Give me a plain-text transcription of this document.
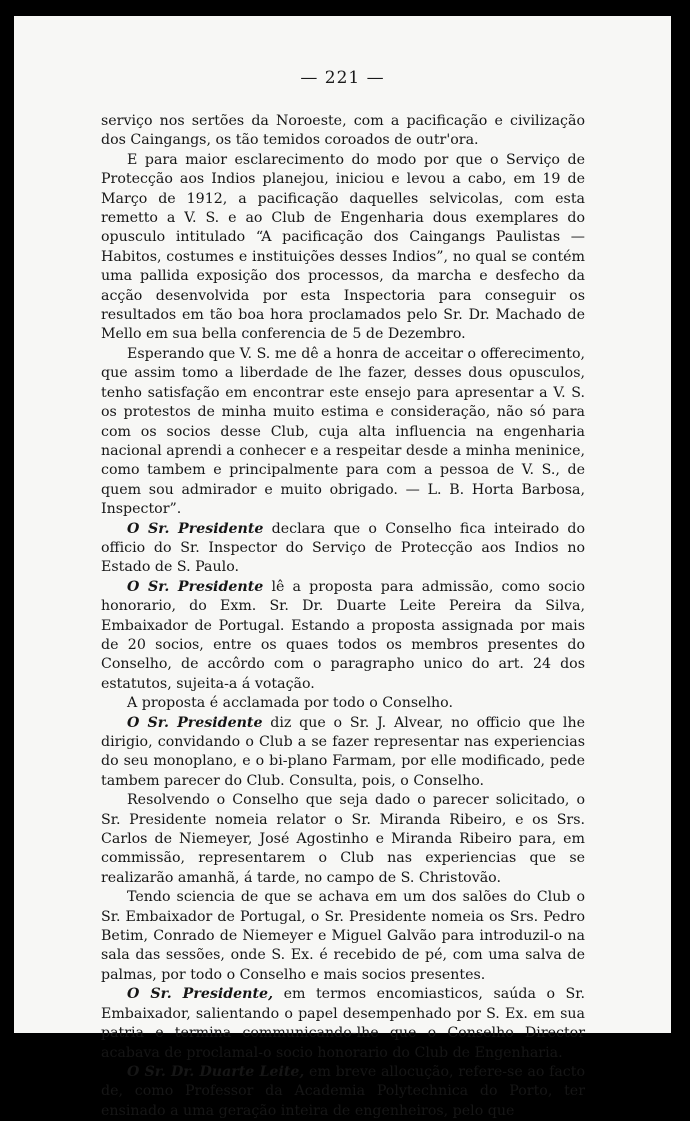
— 221 —

serviço nos sertões da Noroeste, com a pacificação e civilização dos Caingangs, os tão temidos coroados de outr'ora.

E para maior esclarecimento do modo por que o Serviço de Protecção aos Indios planejou, iniciou e levou a cabo, em 19 de Março de 1912, a pacificação daquelles selvicolas, com esta remetto a V. S. e ao Club de Engenharia dous exemplares do opusculo intitulado “A pacificação dos Caingangs Paulistas — Habitos, costumes e instituições desses Indios”, no qual se contém uma pallida exposição dos processos, da marcha e desfecho da acção desenvolvida por esta Inspectoria para conseguir os resultados em tão boa hora proclamados pelo Sr. Dr. Machado de Mello em sua bella conferencia de 5 de Dezembro.

Esperando que V. S. me dê a honra de acceitar o offerecimento, que assim tomo a liberdade de lhe fazer, desses dous opusculos, tenho satisfação em encontrar este ensejo para apresentar a V. S. os protestos de minha muito estima e consideração, não só para com os socios desse Club, cuja alta influencia na engenharia nacional aprendi a conhecer e a respeitar desde a minha meninice, como tambem e principalmente para com a pessoa de V. S., de quem sou admirador e muito obrigado. — L. B. Horta Barbosa, Inspector”.

O Sr. Presidente declara que o Conselho fica inteirado do officio do Sr. Inspector do Serviço de Protecção aos Indios no Estado de S. Paulo.

O Sr. Presidente lê a proposta para admissão, como socio honorario, do Exm. Sr. Dr. Duarte Leite Pereira da Silva, Embaixador de Portugal. Estando a proposta assignada por mais de 20 socios, entre os quaes todos os membros presentes do Conselho, de accôrdo com o paragrapho unico do art. 24 dos estatutos, sujeita-a á votação.

A proposta é acclamada por todo o Conselho.

O Sr. Presidente diz que o Sr. J. Alvear, no officio que lhe dirigio, convidando o Club a se fazer representar nas experiencias do seu monoplano, e o bi-plano Farmam, por elle modificado, pede tambem parecer do Club. Consulta, pois, o Conselho.

Resolvendo o Conselho que seja dado o parecer solicitado, o Sr. Presidente nomeia relator o Sr. Miranda Ribeiro, e os Srs. Carlos de Niemeyer, José Agostinho e Miranda Ribeiro para, em commissão, representarem o Club nas experiencias que se realizarão amanhã, á tarde, no campo de S. Christovão.

Tendo sciencia de que se achava em um dos salões do Club o Sr. Embaixador de Portugal, o Sr. Presidente nomeia os Srs. Pedro Betim, Conrado de Niemeyer e Miguel Galvão para introduzil-o na sala das sessões, onde S. Ex. é recebido de pé, com uma salva de palmas, por todo o Conselho e mais socios presentes.

O Sr. Presidente, em termos encomiasticos, saúda o Sr. Embaixador, salientando o papel desempenhado por S. Ex. em sua patria e termina communicando-lhe que o Conselho Director acabava de proclamal-o socio honorario do Club de Engenharia.

O Sr. Dr. Duarte Leite, em breve allocução, refere-se ao facto de, como Professor da Academia Polytechnica do Porto, ter ensinado a uma geração inteira de engenheiros, pelo que
